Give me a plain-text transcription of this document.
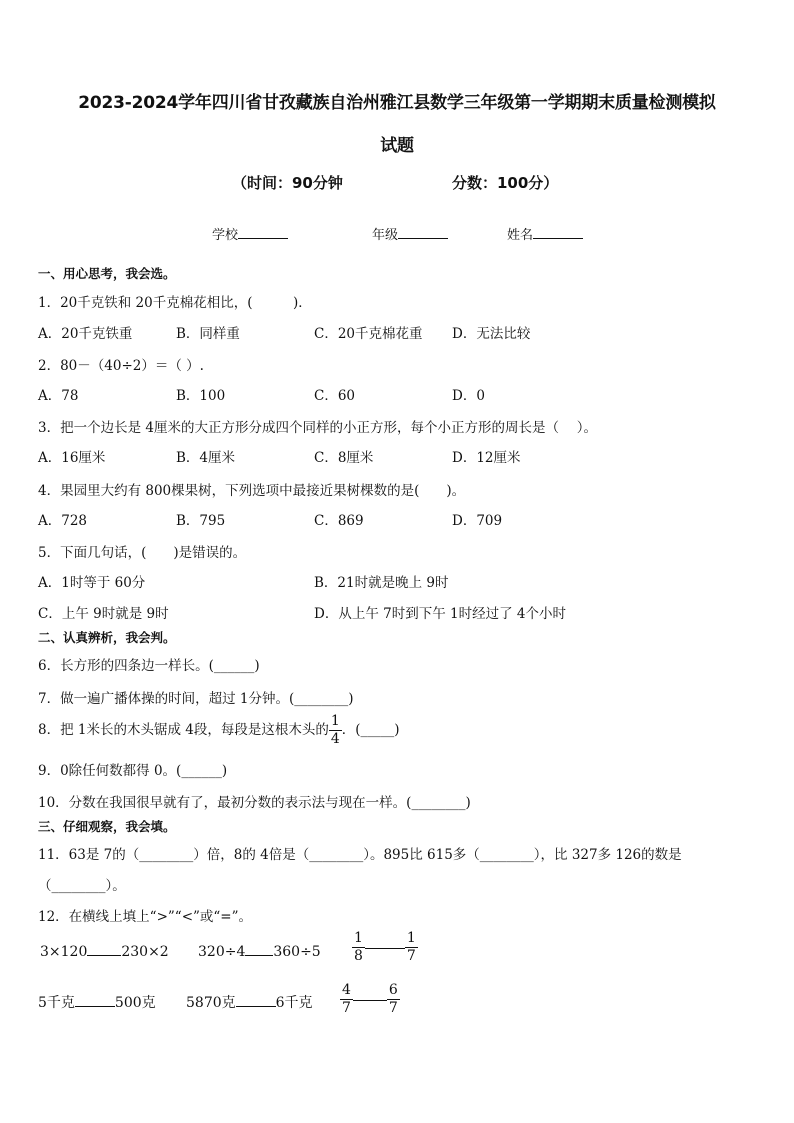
2023-2024学年四川省甘孜藏族自治州雅江县数学三年级第一学期期末质量检测模拟
试题
（时间：90分钟	分数：100分）
学校	年级	姓名
一、用心思考，我会选。
1．20千克铁和 20千克棉花相比，(　　　)．
A．20千克铁重	B．同样重	C．20千克棉花重 D．无法比较
2．80－（40÷2）＝（ ）.
A．78	B．100	C．60	D．0
3．把一个边长是 4厘米的大正方形分成四个同样的小正方形，每个小正方形的周长是（　 ）。
A．16厘米	B．4厘米	C．8厘米	D．12厘米
4．果园里大约有 800棵果树，下列选项中最接近果树棵数的是(　　)。
A．728	B．795	C．869	D．709
5．下面几句话，(　　)是错误的。
A．1时等于 60分	B．21时就是晚上 9时
C．上午 9时就是 9时	D．从上午 7时到下午 1时经过了 4个小时
二、认真辨析，我会判。
6．长方形的四条边一样长。(______)
7．做一遍广播体操的时间，超过 1分钟。(________)
8．把 1米长的木头锯成 4段，每段是这根木头的 $\frac{1}{4}$ ．(_____)
9．0除任何数都得 0。(______)
10．分数在我国很早就有了，最初分数的表示法与现在一样。(________)
三、仔细观察，我会填。
11．63是 7的（________）倍，8的 4倍是（________）。895比 615多（________），比 327多 126的数是
（________）。
12．在横线上填上“>”“<”或“=”。
3×120 230×2 320÷4 $360\div 5 \frac{1}{8}$	$\frac{1}{7}$
5千克	500克 5870克	6千克 $\frac{4}{7} \frac{6}{7}$
